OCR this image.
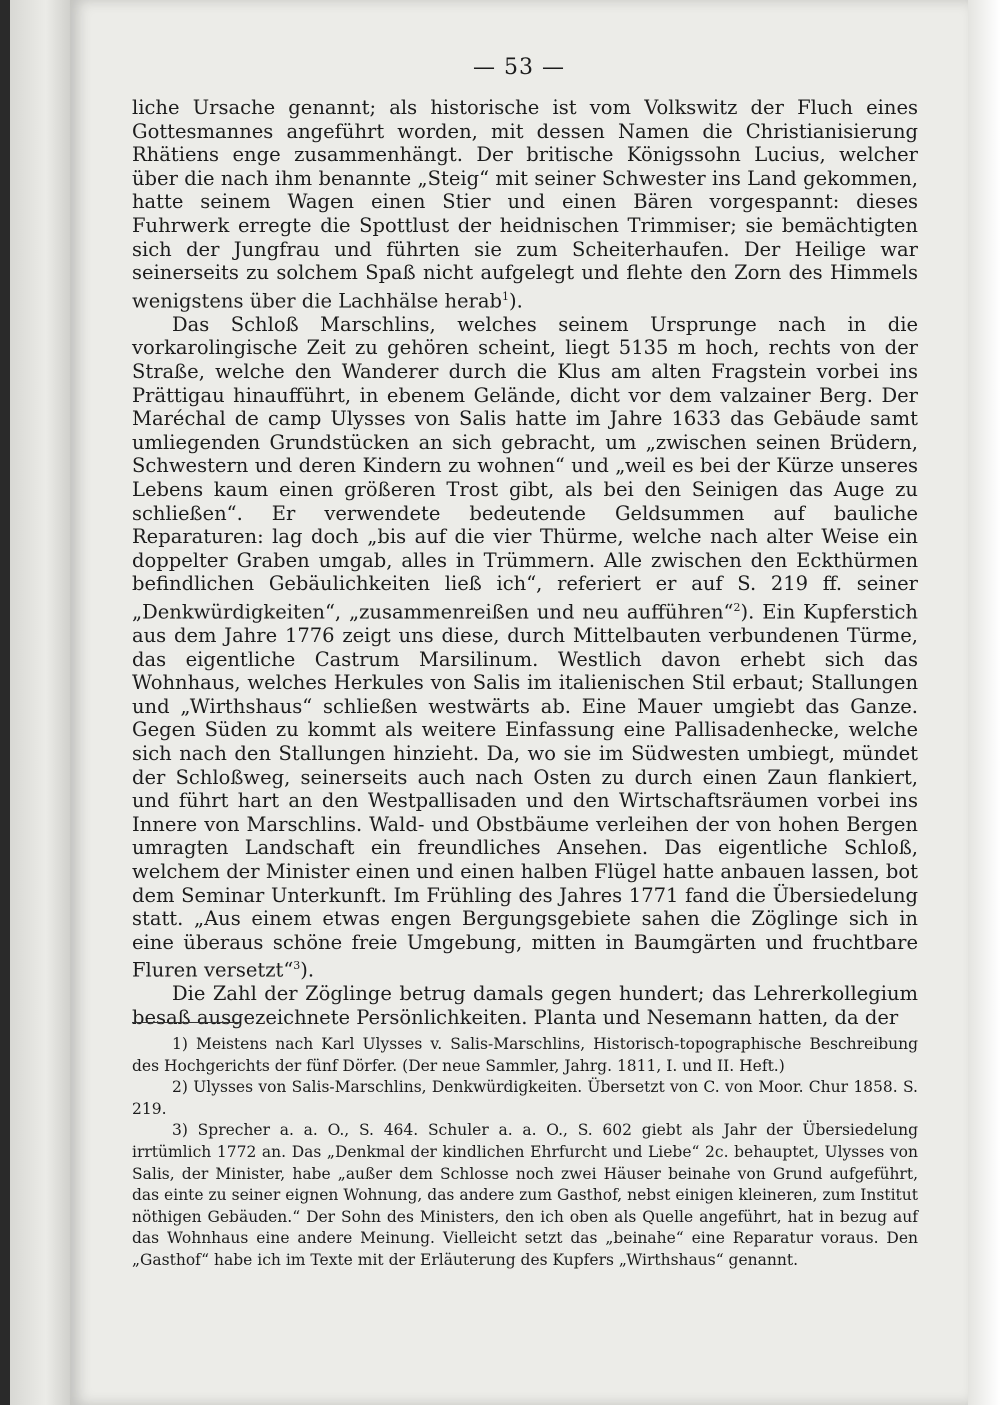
— 53 —

liche Ursache genannt; als historische ist vom Volkswitz der Fluch eines Gottesmannes angeführt worden, mit dessen Namen die Christianisierung Rhätiens enge zusammenhängt. Der britische Königssohn Lucius, welcher über die nach ihm benannte „Steig“ mit seiner Schwester ins Land gekommen, hatte seinem Wagen einen Stier und einen Bären vorgespannt: dieses Fuhrwerk erregte die Spottlust der heidnischen Trimmiser; sie bemächtigten sich der Jungfrau und führten sie zum Scheiterhaufen. Der Heilige war seinerseits zu solchem Spaß nicht aufgelegt und flehte den Zorn des Himmels wenigstens über die Lachhälse herab$^1$).

Das Schloß Marschlins, welches seinem Ursprunge nach in die vorkarolingische Zeit zu gehören scheint, liegt 5135 m hoch, rechts von der Straße, welche den Wanderer durch die Klus am alten Fragstein vorbei ins Prättigau hinaufführt, in ebenem Gelände, dicht vor dem valzainer Berg. Der Maréchal de camp Ulysses von Salis hatte im Jahre 1633 das Gebäude samt umliegenden Grundstücken an sich gebracht, um „zwischen seinen Brüdern, Schwestern und deren Kindern zu wohnen“ und „weil es bei der Kürze unseres Lebens kaum einen größeren Trost gibt, als bei den Seinigen das Auge zu schließen“. Er verwendete bedeutende Geldsummen auf bauliche Reparaturen: lag doch „bis auf die vier Thürme, welche nach alter Weise ein doppelter Graben umgab, alles in Trümmern. Alle zwischen den Eckthürmen befindlichen Gebäulichkeiten ließ ich“, referiert er auf S. 219 ff. seiner „Denkwürdigkeiten“, „zusammenreißen und neu aufführen“$^2$). Ein Kupferstich aus dem Jahre 1776 zeigt uns diese, durch Mittelbauten verbundenen Türme, das eigentliche Castrum Marsilinum. Westlich davon erhebt sich das Wohnhaus, welches Herkules von Salis im italienischen Stil erbaut; Stallungen und „Wirthshaus“ schließen westwärts ab. Eine Mauer umgiebt das Ganze. Gegen Süden zu kommt als weitere Einfassung eine Pallisadenhecke, welche sich nach den Stallungen hinzieht. Da, wo sie im Südwesten umbiegt, mündet der Schloßweg, seinerseits auch nach Osten zu durch einen Zaun flankiert, und führt hart an den Westpallisaden und den Wirtschaftsräumen vorbei ins Innere von Marschlins. Wald- und Obstbäume verleihen der von hohen Bergen umragten Landschaft ein freundliches Ansehen. Das eigentliche Schloß, welchem der Minister einen und einen halben Flügel hatte anbauen lassen, bot dem Seminar Unterkunft. Im Frühling des Jahres 1771 fand die Übersiedelung statt. „Aus einem etwas engen Bergungsgebiete sahen die Zöglinge sich in eine überaus schöne freie Umgebung, mitten in Baumgärten und fruchtbare Fluren versetzt“$^3$).

Die Zahl der Zöglinge betrug damals gegen hundert; das Lehrerkollegium besaß ausgezeichnete Persönlichkeiten. Planta und Nesemann hatten, da der

1) Meistens nach Karl Ulysses v. Salis-Marschlins, Historisch-topographische Beschreibung des Hochgerichts der fünf Dörfer. (Der neue Sammler, Jahrg. 1811, I. und II. Heft.)

2) Ulysses von Salis-Marschlins, Denkwürdigkeiten. Übersetzt von C. von Moor. Chur 1858. S. 219.

3) Sprecher a. a. O., S. 464. Schuler a. a. O., S. 602 giebt als Jahr der Übersiedelung irrtümlich 1772 an. Das „Denkmal der kindlichen Ehrfurcht und Liebe“ 2c. behauptet, Ulysses von Salis, der Minister, habe „außer dem Schlosse noch zwei Häuser beinahe von Grund aufgeführt, das einte zu seiner eignen Wohnung, das andere zum Gasthof, nebst einigen kleineren, zum Institut nöthigen Gebäuden.“ Der Sohn des Ministers, den ich oben als Quelle angeführt, hat in bezug auf das Wohnhaus eine andere Meinung. Vielleicht setzt das „beinahe“ eine Reparatur voraus. Den „Gasthof“ habe ich im Texte mit der Erläuterung des Kupfers „Wirthshaus“ genannt.
